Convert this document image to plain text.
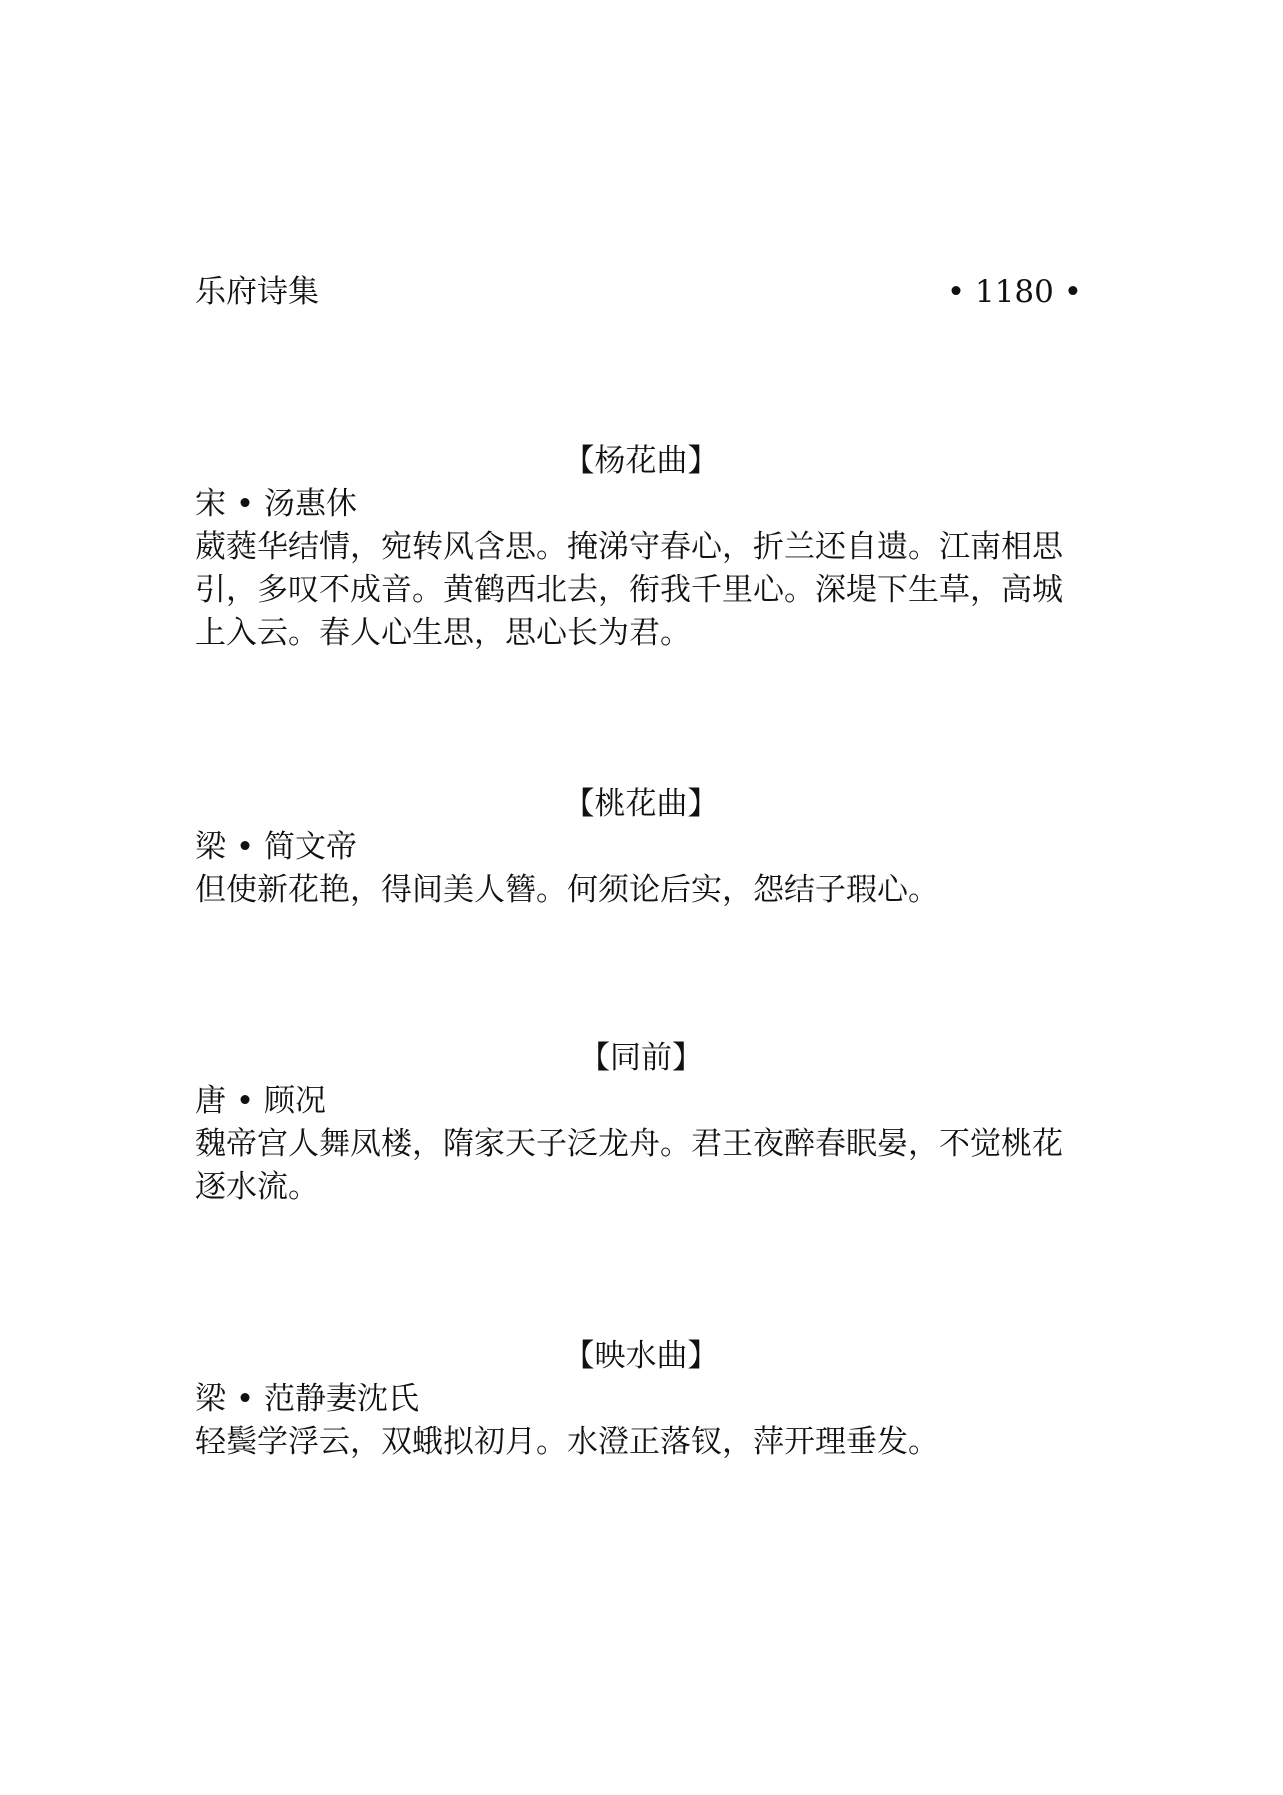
乐府诗集	• 1180 •
【杨花曲】
宋 • 汤惠休

葳蕤华结情，宛转风含思。掩涕守春心，折兰还自遗。江南相思引，多叹不成音。黄鹤西北去，衔我千里心。深堤下生草，高城上入云。春人心生思，思心长为君。

【桃花曲】
梁 • 简文帝

但使新花艳，得间美人簪。何须论后实，怨结子瑕心。

【同前】
唐 • 顾况

魏帝宫人舞凤楼，隋家天子泛龙舟。君王夜醉春眠晏，不觉桃花逐水流。

【映水曲】
梁 • 范静妻沈氏

轻鬓学浮云，双蛾拟初月。水澄正落钗，萍开理垂发。
